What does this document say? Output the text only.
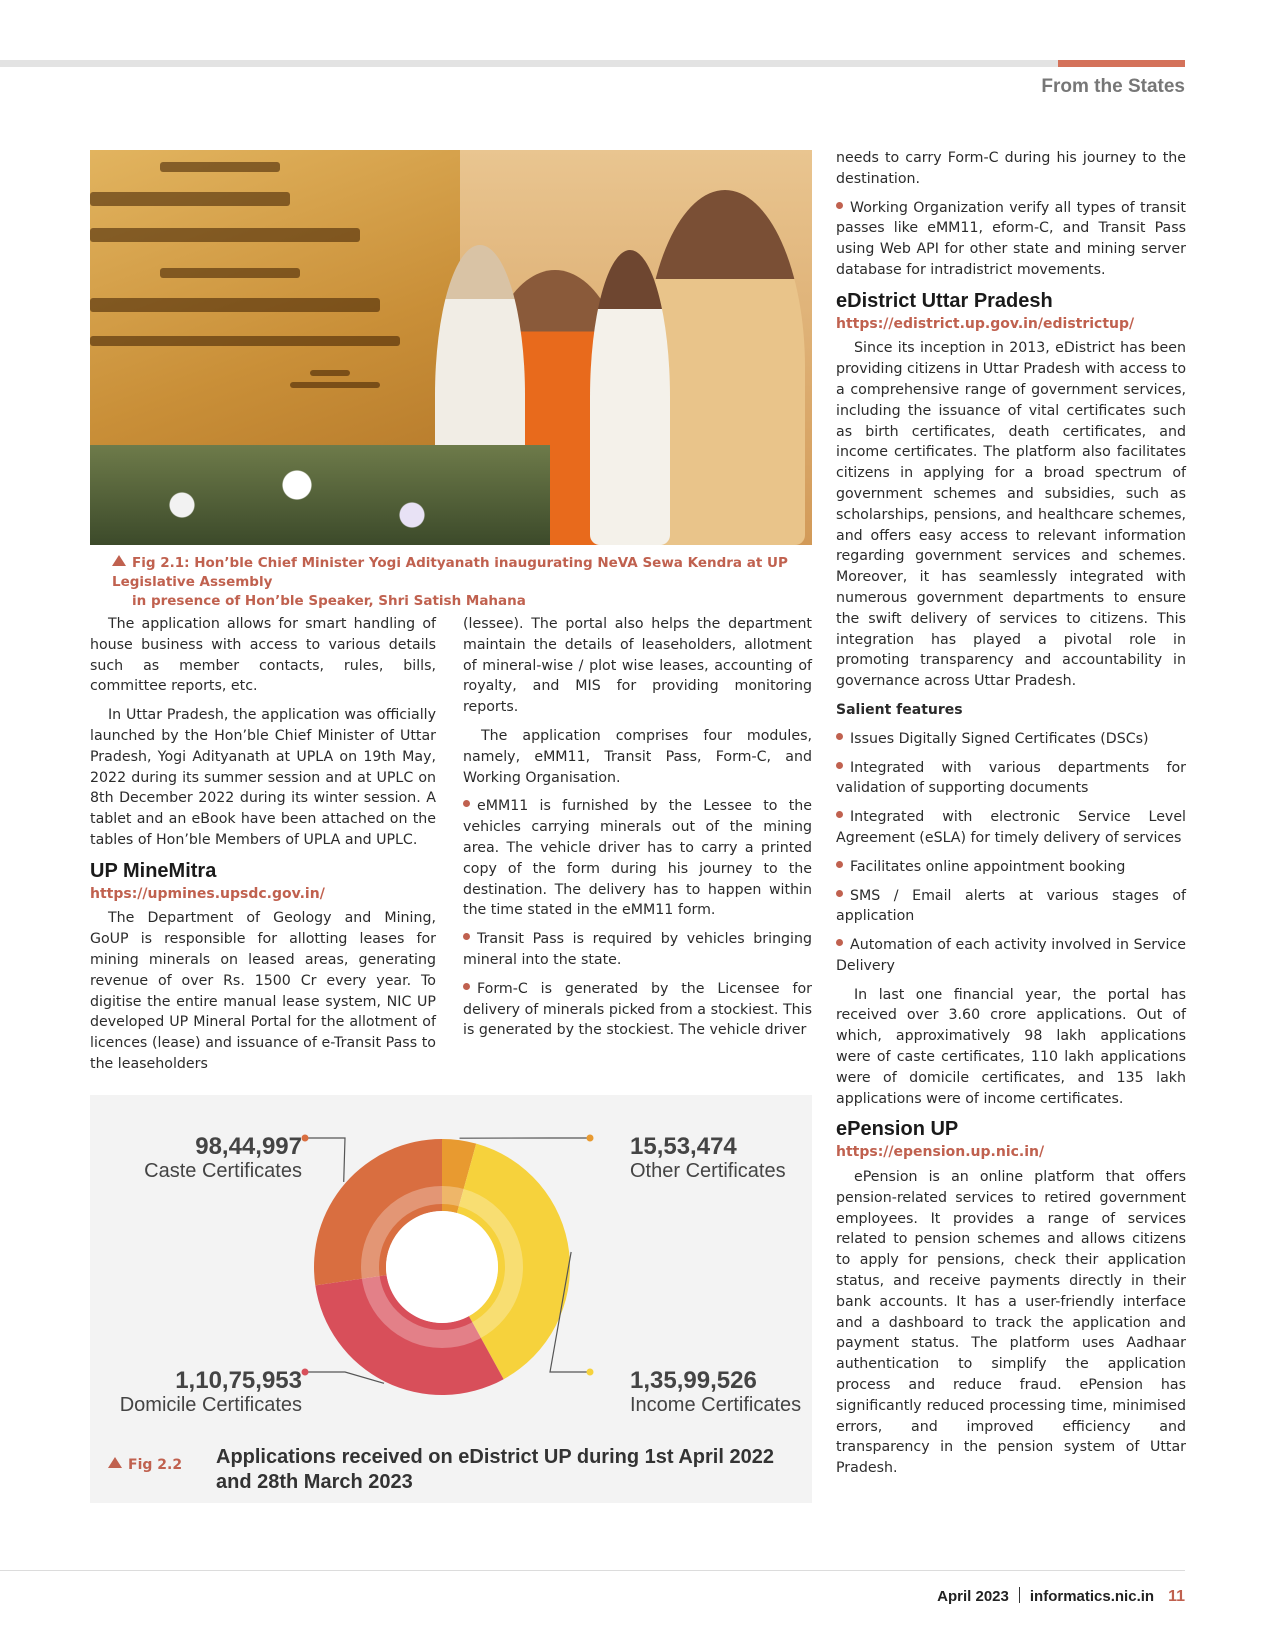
From the States
Fig 2.1: Hon’ble Chief Minister Yogi Adityanath inaugurating NeVA Sewa Kendra at UP Legislative Assembly
in presence of Hon’ble Speaker, Shri Satish Mahana

The application allows for smart handling of house business with access to various details such as member contacts, rules, bills, committee reports, etc.

In Uttar Pradesh, the application was officially launched by the Hon’ble Chief Minister of Uttar Pradesh, Yogi Adityanath at UPLA on 19th May, 2022 during its summer session and at UPLC on 8th December 2022 during its winter session. A tablet and an eBook have been attached on the tables of Hon’ble Members of UPLA and UPLC.

UP MineMitra
https://upmines.upsdc.gov.in/

The Department of Geology and Mining, GoUP is responsible for allotting leases for mining minerals on leased areas, generating revenue of over Rs. 1500 Cr every year. To digitise the entire manual lease system, NIC UP developed UP Mineral Portal for the allotment of licences (lease) and issuance of e-Transit Pass to the leaseholders

(lessee). The portal also helps the department maintain the details of leaseholders, allotment of mineral-wise / plot wise leases, accounting of royalty, and MIS for providing monitoring reports.

The application comprises four modules, namely, eMM11, Transit Pass, Form-C, and Working Organisation.

eMM11 is furnished by the Lessee to the vehicles carrying minerals out of the mining area. The vehicle driver has to carry a printed copy of the form during his journey to the destination. The delivery has to happen within the time stated in the eMM11 form.

Transit Pass is required by vehicles bringing mineral into the state.

Form-C is generated by the Licensee for delivery of minerals picked from a stockiest. This is generated by the stockiest. The vehicle driver

needs to carry Form-C during his journey to the destination.

Working Organization verify all types of transit passes like eMM11, eform-C, and Transit Pass using Web API for other state and mining server database for intradistrict movements.

eDistrict Uttar Pradesh
https://edistrict.up.gov.in/edistrictup/

Since its inception in 2013, eDistrict has been providing citizens in Uttar Pradesh with access to a comprehensive range of government services, including the issuance of vital certificates such as birth certificates, death certificates, and income certificates. The platform also facilitates citizens in applying for a broad spectrum of government schemes and subsidies, such as scholarships, pensions, and healthcare schemes, and offers easy access to relevant information regarding government services and schemes. Moreover, it has seamlessly integrated with numerous government departments to ensure the swift delivery of services to citizens. This integration has played a pivotal role in promoting transparency and accountability in governance across Uttar Pradesh.

Salient features

Issues Digitally Signed Certificates (DSCs)

Integrated with various departments for validation of supporting documents

Integrated with electronic Service Level Agreement (eSLA) for timely delivery of services

Facilitates online appointment booking

SMS / Email alerts at various stages of application

Automation of each activity involved in Service Delivery

In last one financial year, the portal has received over 3.60 crore applications. Out of which, approximatively 98 lakh applications were of caste certificates, 110 lakh applications were of domicile certificates, and 135 lakh applications were of income certificates.

ePension UP
https://epension.up.nic.in/

ePension is an online platform that offers pension-related services to retired government employees. It provides a range of services related to pension schemes and allows citizens to apply for pensions, check their application status, and receive payments directly in their bank accounts. It has a user-friendly interface and a dashboard to track the application and payment status. The platform uses Aadhaar authentication to simplify the application process and reduce fraud. ePension has significantly reduced processing time, minimised errors, and improved efficiency and transparency in the pension system of Uttar Pradesh.

98,44,997
Caste Certificates
15,53,474
Other Certificates
1,10,75,953
Domicile Certificates
1,35,99,526
Income Certificates
Fig 2.2 Applications received on eDistrict UP during 1st April 2022 and 28th March 2023
April 2023 informatics.nic.in 11
